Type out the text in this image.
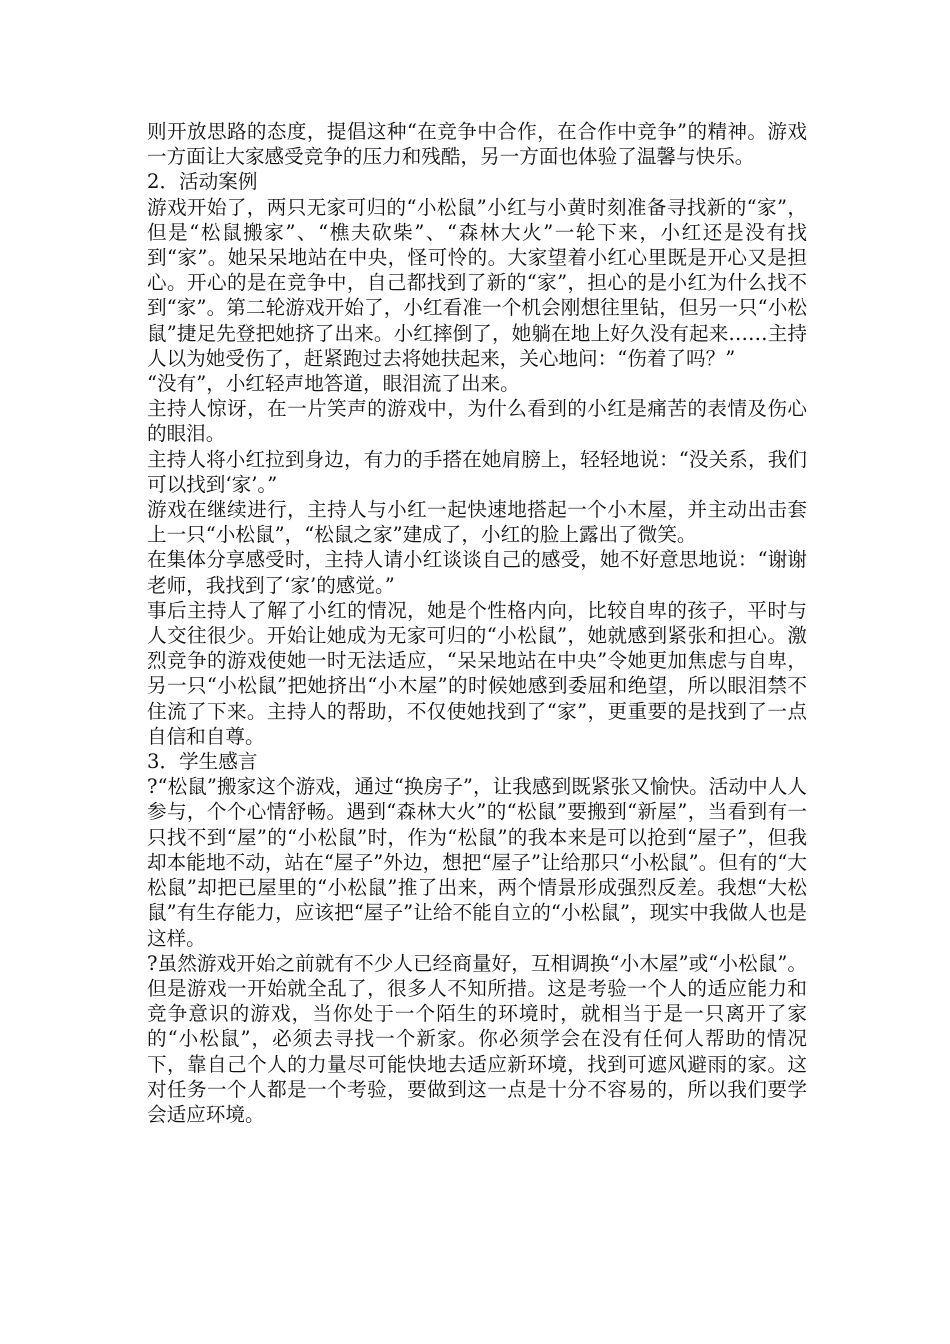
则开放思路的态度，提倡这种“在竞争中合作，在合作中竞争”的精神。游戏一方面让大家感受竞争的压力和残酷，另一方面也体验了温馨与快乐。

2．活动案例

游戏开始了，两只无家可归的“小松鼠”小红与小黄时刻准备寻找新的“家”，但是“松鼠搬家”、“樵夫砍柴”、“森林大火”一轮下来，小红还是没有找到“家”。她呆呆地站在中央，怪可怜的。大家望着小红心里既是开心又是担心。开心的是在竞争中，自己都找到了新的“家”，担心的是小红为什么找不到“家”。第二轮游戏开始了，小红看准一个机会刚想往里钻，但另一只“小松鼠”捷足先登把她挤了出来。小红摔倒了，她躺在地上好久没有起来……主持人以为她受伤了，赶紧跑过去将她扶起来，关心地问：“伤着了吗？”

“没有”，小红轻声地答道，眼泪流了出来。

主持人惊讶，在一片笑声的游戏中，为什么看到的小红是痛苦的表情及伤心的眼泪。

主持人将小红拉到身边，有力的手搭在她肩膀上，轻轻地说：“没关系，我们可以找到‘家’。”

游戏在继续进行，主持人与小红一起快速地搭起一个小木屋，并主动出击套上一只“小松鼠”，“松鼠之家”建成了，小红的脸上露出了微笑。

在集体分享感受时，主持人请小红谈谈自己的感受，她不好意思地说：“谢谢老师，我找到了‘家’的感觉。”

事后主持人了解了小红的情况，她是个性格内向，比较自卑的孩子，平时与人交往很少。开始让她成为无家可归的“小松鼠”，她就感到紧张和担心。激烈竞争的游戏使她一时无法适应，“呆呆地站在中央”令她更加焦虑与自卑，另一只“小松鼠”把她挤出“小木屋”的时候她感到委屈和绝望，所以眼泪禁不住流了下来。主持人的帮助，不仅使她找到了“家”，更重要的是找到了一点自信和自尊。

3．学生感言

?“松鼠”搬家这个游戏，通过“换房子”，让我感到既紧张又愉快。活动中人人参与，个个心情舒畅。遇到“森林大火”的“松鼠”要搬到“新屋”，当看到有一只找不到“屋”的“小松鼠”时，作为“松鼠”的我本来是可以抢到“屋子”，但我却本能地不动，站在“屋子”外边，想把“屋子”让给那只“小松鼠”。但有的“大松鼠”却把已屋里的“小松鼠”推了出来，两个情景形成强烈反差。我想“大松鼠”有生存能力，应该把“屋子”让给不能自立的“小松鼠”，现实中我做人也是这样。

?虽然游戏开始之前就有不少人已经商量好，互相调换“小木屋”或“小松鼠”。但是游戏一开始就全乱了，很多人不知所措。这是考验一个人的适应能力和竞争意识的游戏，当你处于一个陌生的环境时，就相当于是一只离开了家的“小松鼠”，必须去寻找一个新家。你必须学会在没有任何人帮助的情况下，靠自己个人的力量尽可能快地去适应新环境，找到可遮风避雨的家。这对任务一个人都是一个考验，要做到这一点是十分不容易的，所以我们要学会适应环境。
